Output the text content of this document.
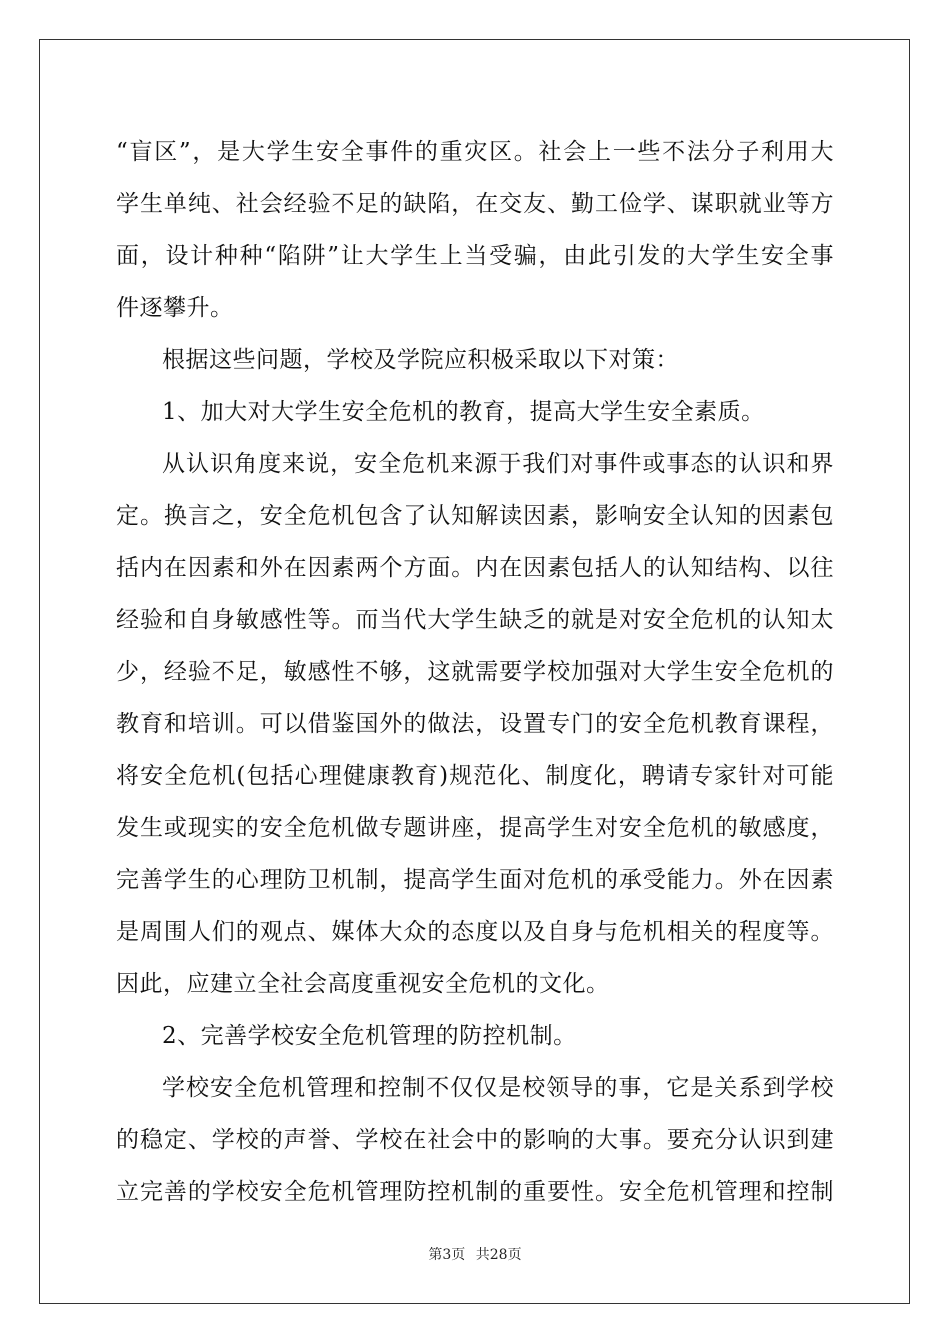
“盲区”，是大学生安全事件的重灾区。社会上一些不法分子利用大
学生单纯、社会经验不足的缺陷，在交友、勤工俭学、谋职就业等方
面，设计种种“陷阱”让大学生上当受骗，由此引发的大学生安全事
件逐攀升。
根据这些问题，学校及学院应积极采取以下对策：
1、加大对大学生安全危机的教育，提高大学生安全素质。
从认识角度来说，安全危机来源于我们对事件或事态的认识和界
定。换言之，安全危机包含了认知解读因素，影响安全认知的因素包
括内在因素和外在因素两个方面。内在因素包括人的认知结构、以往
经验和自身敏感性等。而当代大学生缺乏的就是对安全危机的认知太
少，经验不足，敏感性不够，这就需要学校加强对大学生安全危机的
教育和培训。可以借鉴国外的做法，设置专门的安全危机教育课程，
将安全危机(包括心理健康教育)规范化、制度化，聘请专家针对可能
发生或现实的安全危机做专题讲座，提高学生对安全危机的敏感度，
完善学生的心理防卫机制，提高学生面对危机的承受能力。外在因素
是周围人们的观点、媒体大众的态度以及自身与危机相关的程度等。
因此，应建立全社会高度重视安全危机的文化。
2、完善学校安全危机管理的防控机制。
学校安全危机管理和控制不仅仅是校领导的事，它是关系到学校
的稳定、学校的声誉、学校在社会中的影响的大事。要充分认识到建
立完善的学校安全危机管理防控机制的重要性。安全危机管理和控制
第3页 共28页
